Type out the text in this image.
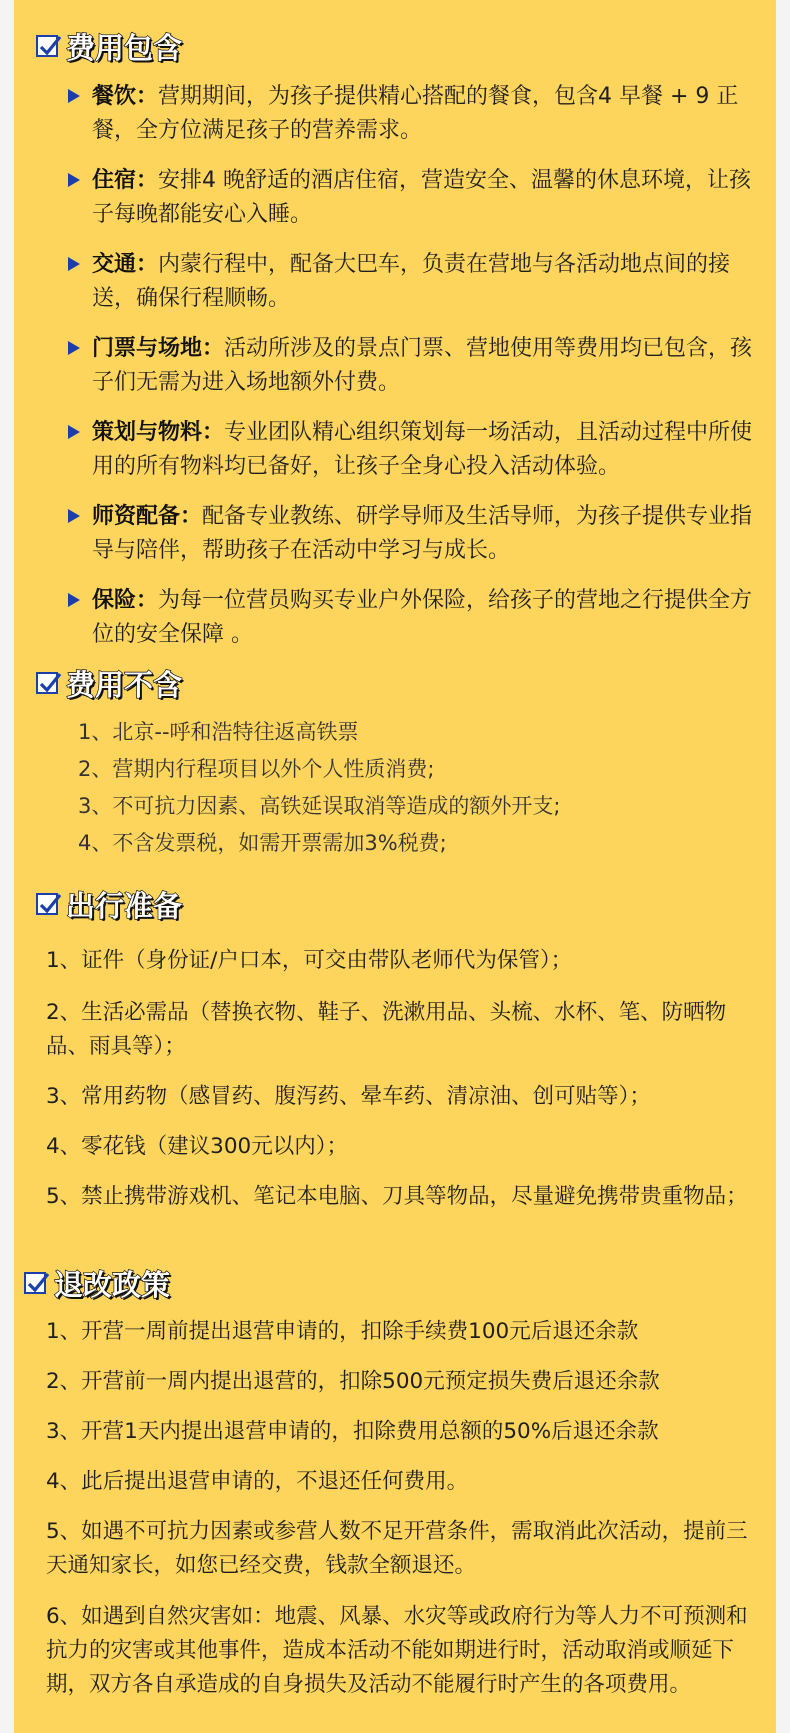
费用包含
餐饮：营期期间，为孩子提供精心搭配的餐食，包含4 早餐 + 9 正餐，全方位满足孩子的营养需求。
住宿：安排4 晚舒适的酒店住宿，营造安全、温馨的休息环境，让孩子每晚都能安心入睡。
交通：内蒙行程中，配备大巴车，负责在营地与各活动地点间的接送，确保行程顺畅。
门票与场地：活动所涉及的景点门票、营地使用等费用均已包含，孩子们无需为进入场地额外付费。
策划与物料：专业团队精心组织策划每一场活动，且活动过程中所使用的所有物料均已备好，让孩子全身心投入活动体验。
师资配备：配备专业教练、研学导师及生活导师，为孩子提供专业指导与陪伴，帮助孩子在活动中学习与成长。
保险：为每一位营员购买专业户外保险，给孩子的营地之行提供全方位的安全保障 。
费用不含
1、北京--呼和浩特往返高铁票
2、营期内行程项目以外个人性质消费;
3、不可抗力因素、高铁延误取消等造成的额外开支;
4、不含发票税，如需开票需加3%税费;
出行准备
1、证件（身份证/户口本，可交由带队老师代为保管）；
2、生活必需品（替换衣物、鞋子、洗漱用品、头梳、水杯、笔、防晒物品、雨具等）；
3、常用药物（感冒药、腹泻药、晕车药、清凉油、创可贴等）；
4、零花钱（建议300元以内）；
5、禁止携带游戏机、笔记本电脑、刀具等物品，尽量避免携带贵重物品；
退改政策
1、开营一周前提出退营申请的，扣除手续费100元后退还余款
2、开营前一周内提出退营的，扣除500元预定损失费后退还余款
3、开营1天内提出退营申请的，扣除费用总额的50%后退还余款
4、此后提出退营申请的，不退还任何费用。
5、如遇不可抗力因素或参营人数不足开营条件，需取消此次活动，提前三天通知家长，如您已经交费，钱款全额退还。
6、如遇到自然灾害如：地震、风暴、水灾等或政府行为等人力不可预测和抗力的灾害或其他事件，造成本活动不能如期进行时，活动取消或顺延下期，双方各自承造成的自身损失及活动不能履行时产生的各项费用。
